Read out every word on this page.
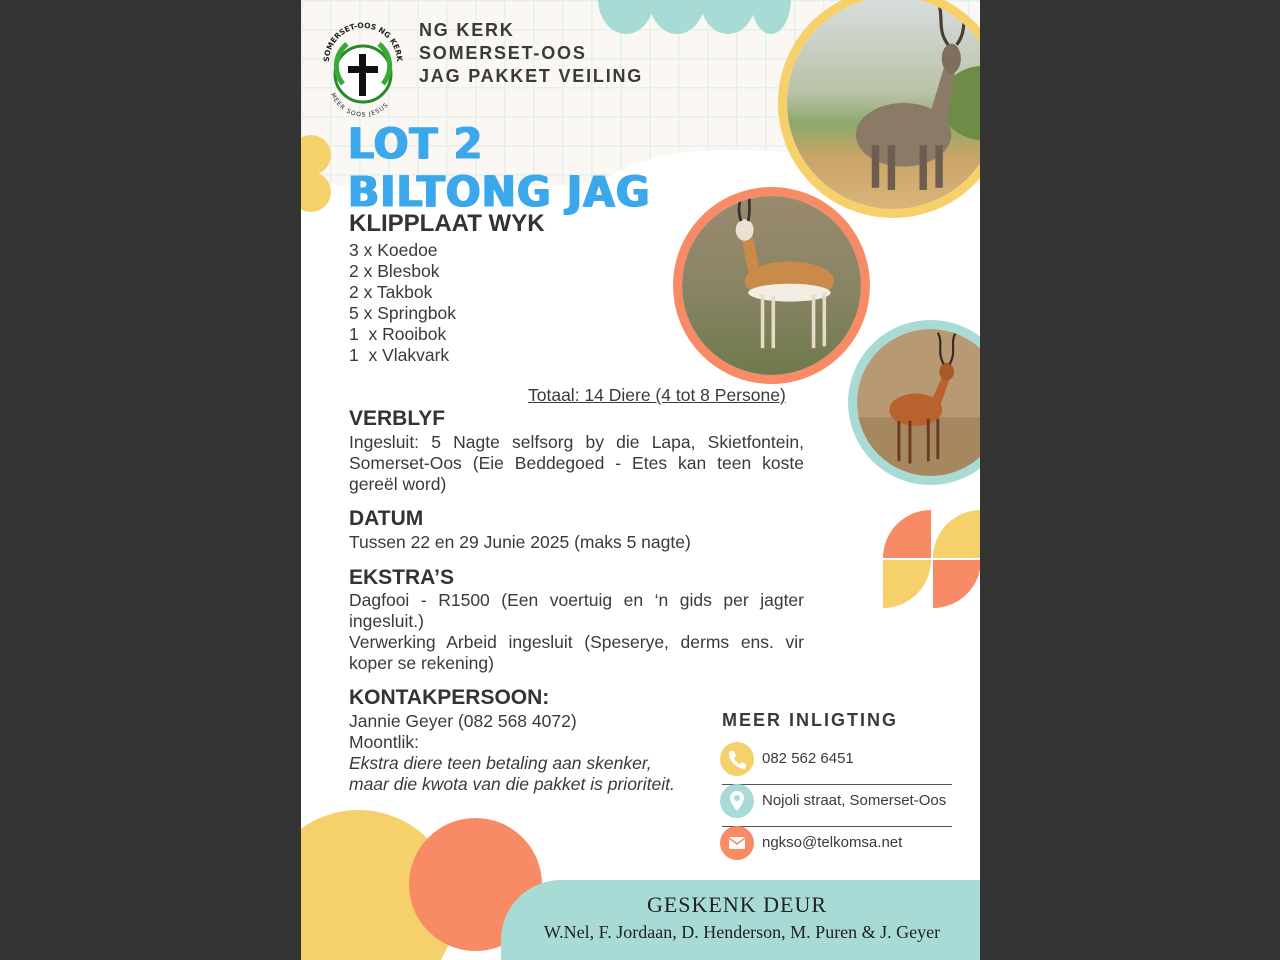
SOMERSET-OOS NG KERK
MEER SOOS JESUS
NG KERK
SOMERSET-OOS
JAG PAKKET VEILING
LOT 2
BILTONG JAG
KLIPPLAAT WYK
3 x Koedoe
2 x Blesbok
2 x Takbok
5 x Springbok
1  x Rooibok
1  x Vlakvark
Totaal: 14 Diere (4 tot 8 Persone)
VERBLYF
Ingesluit: 5 Nagte selfsorg by die Lapa, Skietfontein, Somerset-Oos (Eie Beddegoed - Etes kan teen koste gereël word)
DATUM
Tussen 22 en 29 Junie 2025 (maks 5 nagte)
EKSTRA’S
Dagfooi - R1500 (Een voertuig en ‘n gids per jagter ingesluit.)
Verwerking Arbeid ingesluit (Speserye, derms ens. vir koper se rekening)
KONTAKPERSOON:
Jannie Geyer (082 568 4072)
Moontlik:
Ekstra diere teen betaling aan skenker,
maar die kwota van die pakket is prioriteit.
MEER INLIGTING
082 562 6451
Nojoli straat, Somerset-Oos
ngkso@telkomsa.net
GESKENK DEUR
W.Nel, F. Jordaan, D. Henderson, M. Puren & J. Geyer
